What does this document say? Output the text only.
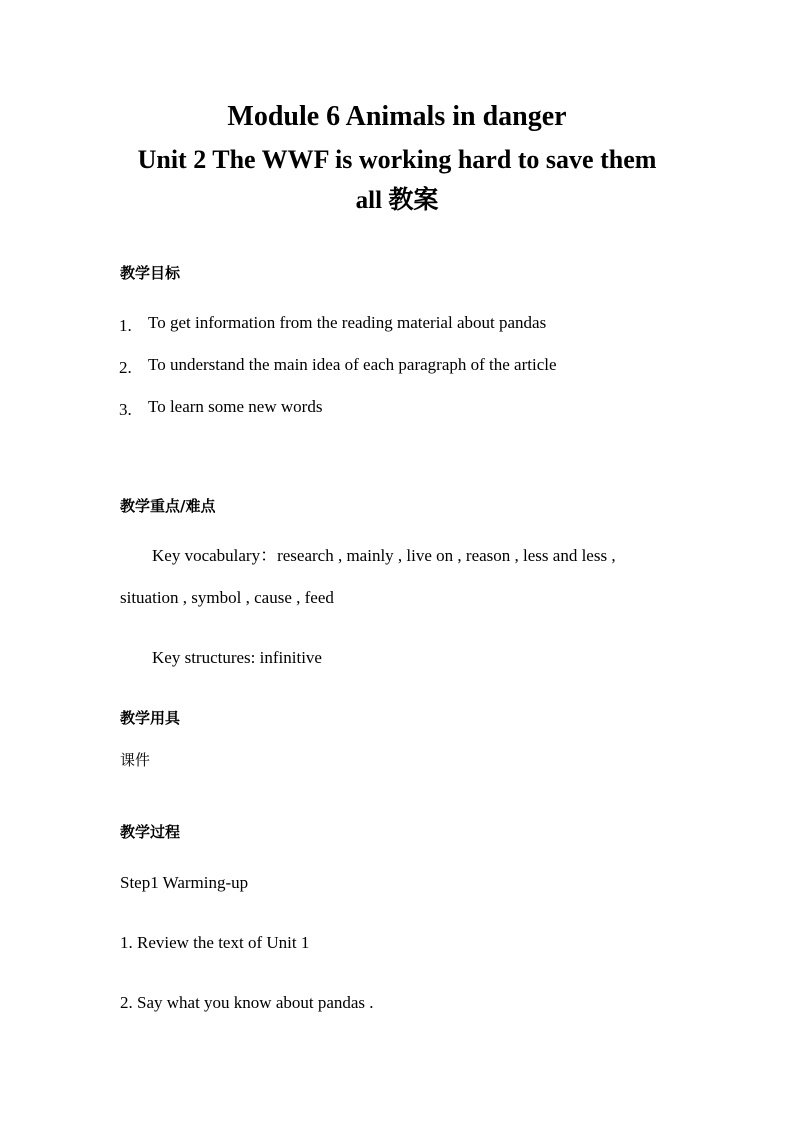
Module 6 Animals in danger
Unit 2 The WWF is working hard to save them
all 教案
教学目标
1. To get information from the reading material about pandas
2. To understand the main idea of each paragraph of the article
3. To learn some new words
教学重点/难点
Key vocabulary：research , mainly , live on , reason , less and less ,
situation , symbol , cause , feed
Key structures: infinitive
教学用具
课件
教学过程
Step1 Warming-up
1. Review the text of Unit 1
2. Say what you know about pandas .
